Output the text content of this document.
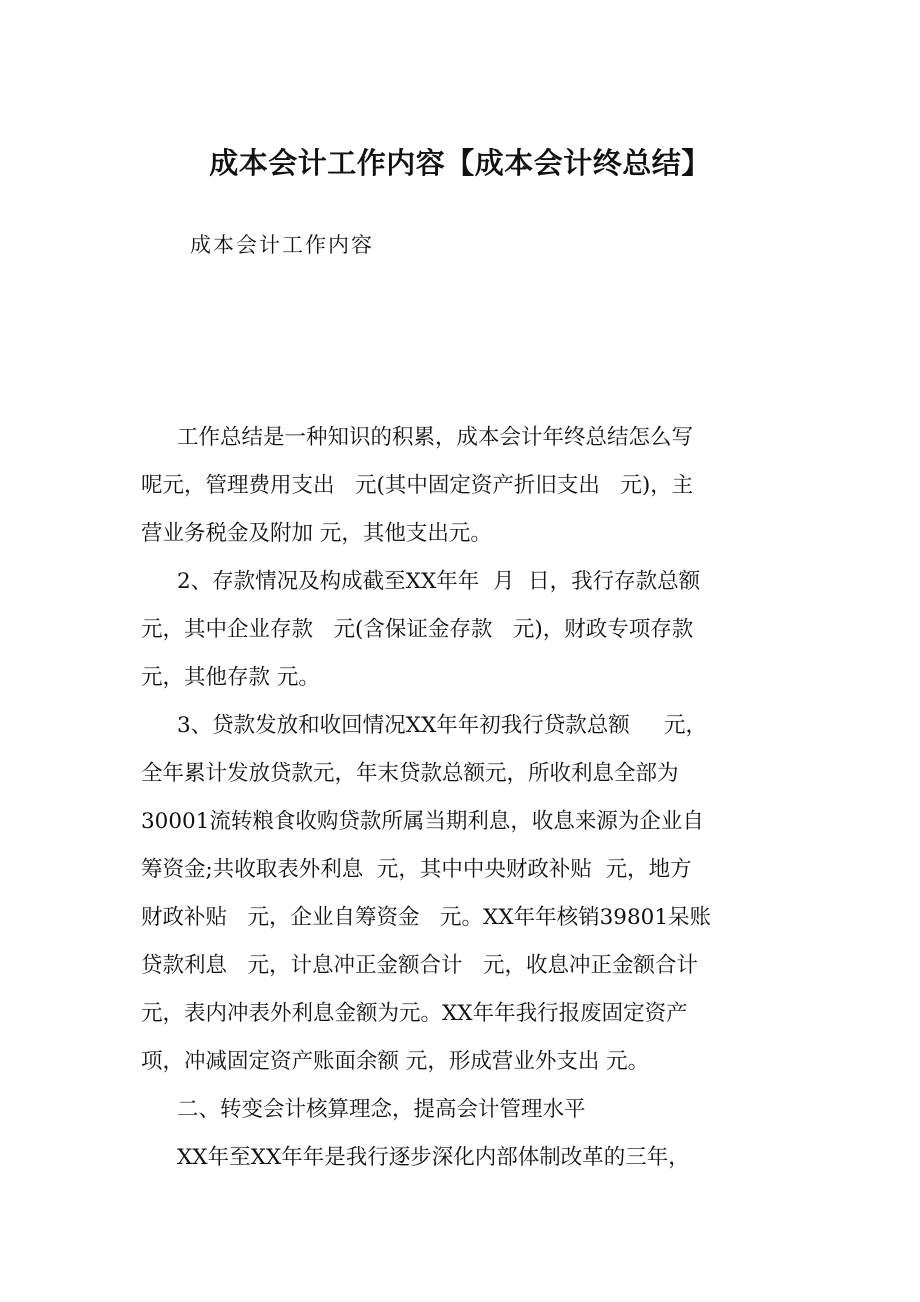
成本会计工作内容【成本会计终总结】
成本会计工作内容
工作总结是一种知识的积累，成本会计年终总结怎么写
呢元，管理费用支出   元(其中固定资产折旧支出   元)，主
营业务税金及附加 元，其他支出元。
2、存款情况及构成截至XX年年  月  日，我行存款总额
元，其中企业存款   元(含保证金存款   元)，财政专项存款
元，其他存款 元。
3、贷款发放和收回情况XX年年初我行贷款总额     元，
全年累计发放贷款元，年末贷款总额元，所收利息全部为
30001流转粮食收购贷款所属当期利息，收息来源为企业自
筹资金;共收取表外利息  元，其中中央财政补贴  元，地方
财政补贴   元，企业自筹资金   元。XX年年核销39801呆账
贷款利息   元，计息冲正金额合计   元，收息冲正金额合计
元，表内冲表外利息金额为元。XX年年我行报废固定资产
项，冲减固定资产账面余额 元，形成营业外支出 元。
二、转变会计核算理念，提高会计管理水平
XX年至XX年年是我行逐步深化内部体制改革的三年，
